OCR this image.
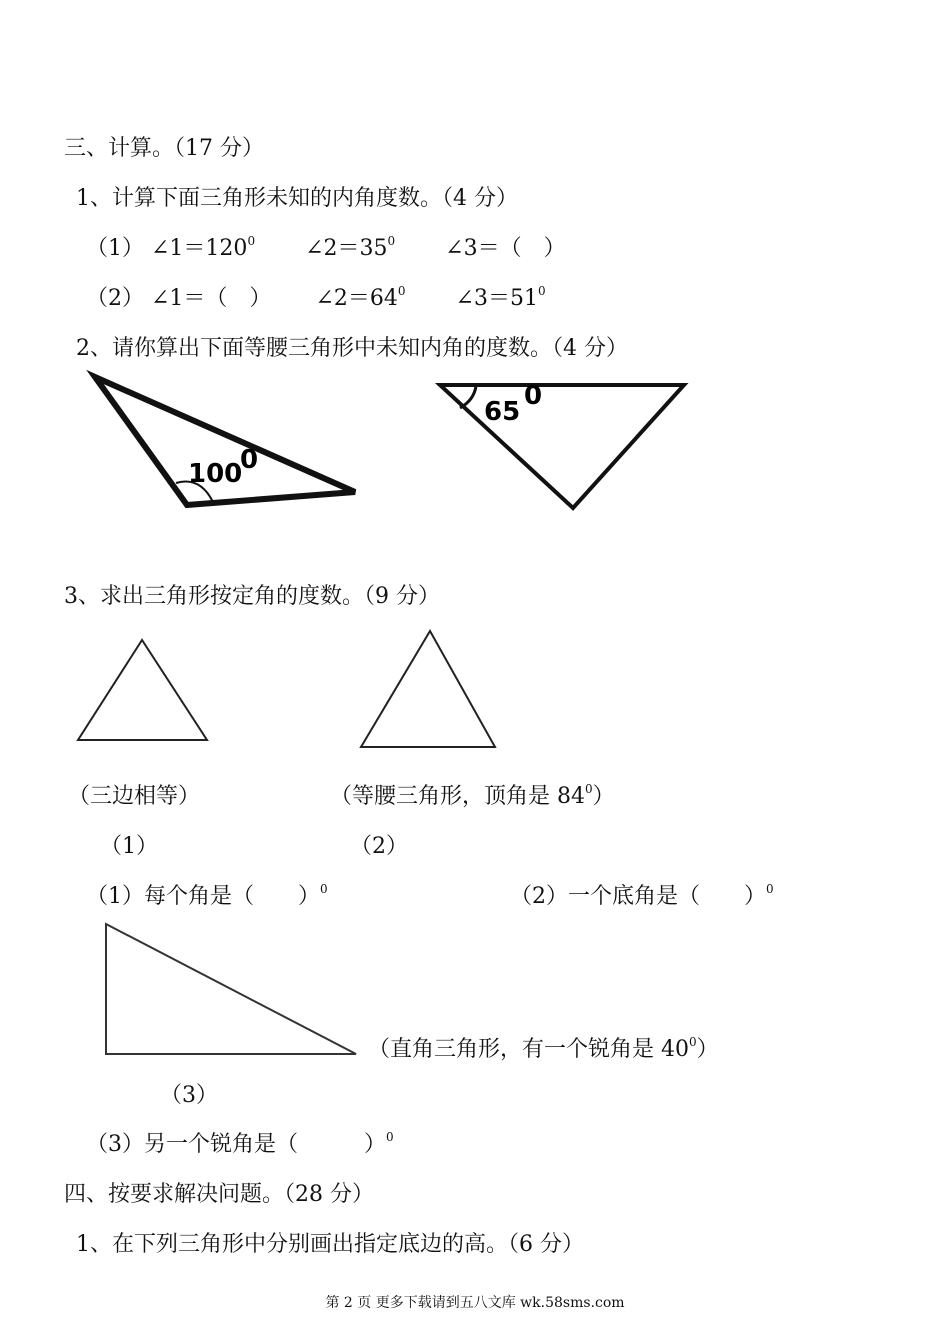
三、计算。（17 分）
1、计算下面三角形未知的内角度数。（4 分）
（1） $\angle 1=120^0$ $\angle 2=35^0$ ∠3＝（　）
（2） ∠1＝（　） $\angle 2=64^0$ $\angle 3=51^0$
2、请你算出下面等腰三角形中未知内角的度数。（4 分）
100
0
65
0
3、求出三角形按定角的度数。（9 分）
（三边相等）	（等腰三角形，顶角是 $84^0$）
（1）	（2）
（1）每个角是（　　）$^0$	（2）一个底角是（　　）$^0$
（直角三角形，有一个锐角是 $40^0$）
（3）
（3）另一个锐角是（　　　）$^0$
四、按要求解决问题。（28 分）
1、在下列三角形中分别画出指定底边的高。（6 分）
第 2 页 更多下载请到五八文库 wk.58sms.com
